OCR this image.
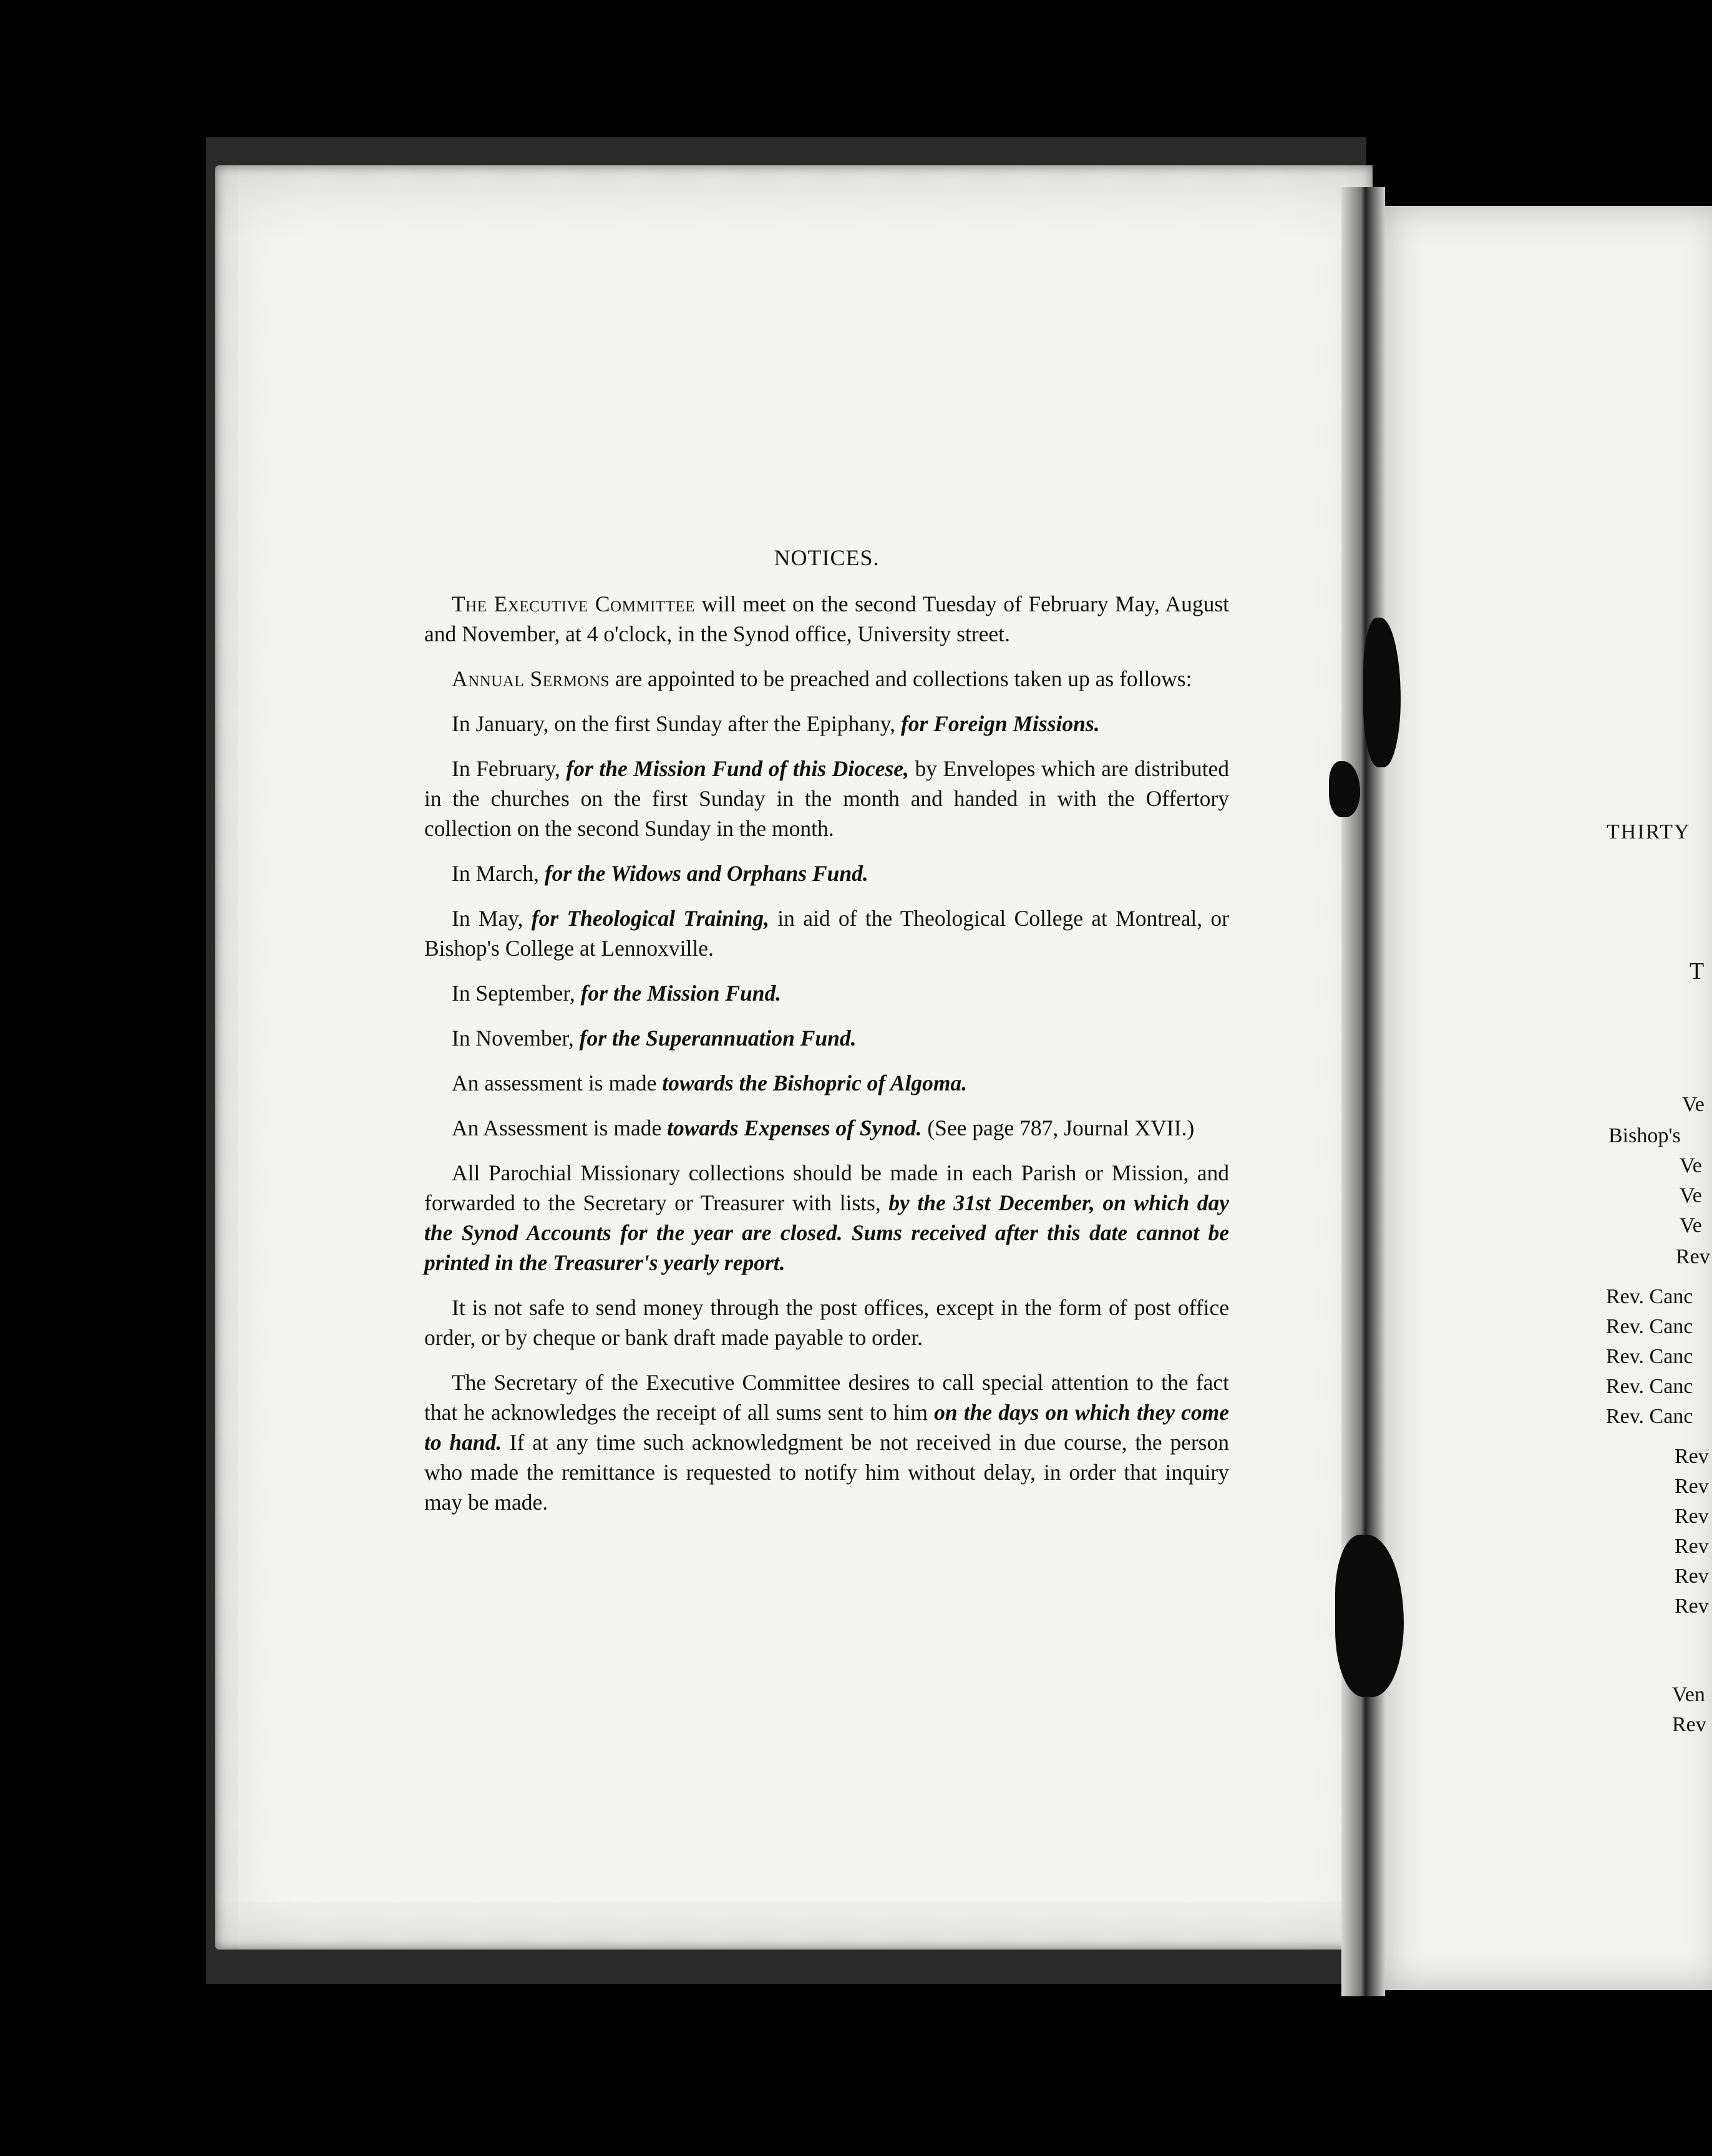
NOTICES.

The Executive Committee will meet on the second Tuesday of February May, August and November, at 4 o'clock, in the Synod office, University street.

Annual Sermons are appointed to be preached and collections taken up as follows:

In January, on the first Sunday after the Epiphany, for Foreign Missions.

In February, for the Mission Fund of this Diocese, by Envelopes which are distributed in the churches on the first Sunday in the month and handed in with the Offertory collection on the second Sunday in the month.

In March, for the Widows and Orphans Fund.

In May, for Theological Training, in aid of the Theological College at Montreal, or Bishop's College at Lennoxville.

In September, for the Mission Fund.

In November, for the Superannuation Fund.

An assessment is made towards the Bishopric of Algoma.

An Assessment is made towards Expenses of Synod. (See page 787, Journal XVII.)

All Parochial Missionary collections should be made in each Parish or Mission, and forwarded to the Secretary or Treasurer with lists, by the 31st December, on which day the Synod Accounts for the year are closed. Sums received after this date cannot be printed in the Treasurer's yearly report.

It is not safe to send money through the post offices, except in the form of post office order, or by cheque or bank draft made payable to order.

The Secretary of the Executive Committee desires to call special attention to the fact that he acknowledges the receipt of all sums sent to him on the days on which they come to hand. If at any time such acknowledgment be not received in due course, the person who made the remittance is requested to notify him without delay, in order that inquiry may be made.

THIRTY
T
Ve
Bishop's
Ve
Ve
Ve
Rev
Rev. Canc
Rev. Canc
Rev. Canc
Rev. Canc
Rev. Canc
Rev
Rev
Rev
Rev
Rev
Rev
Ven
Rev
